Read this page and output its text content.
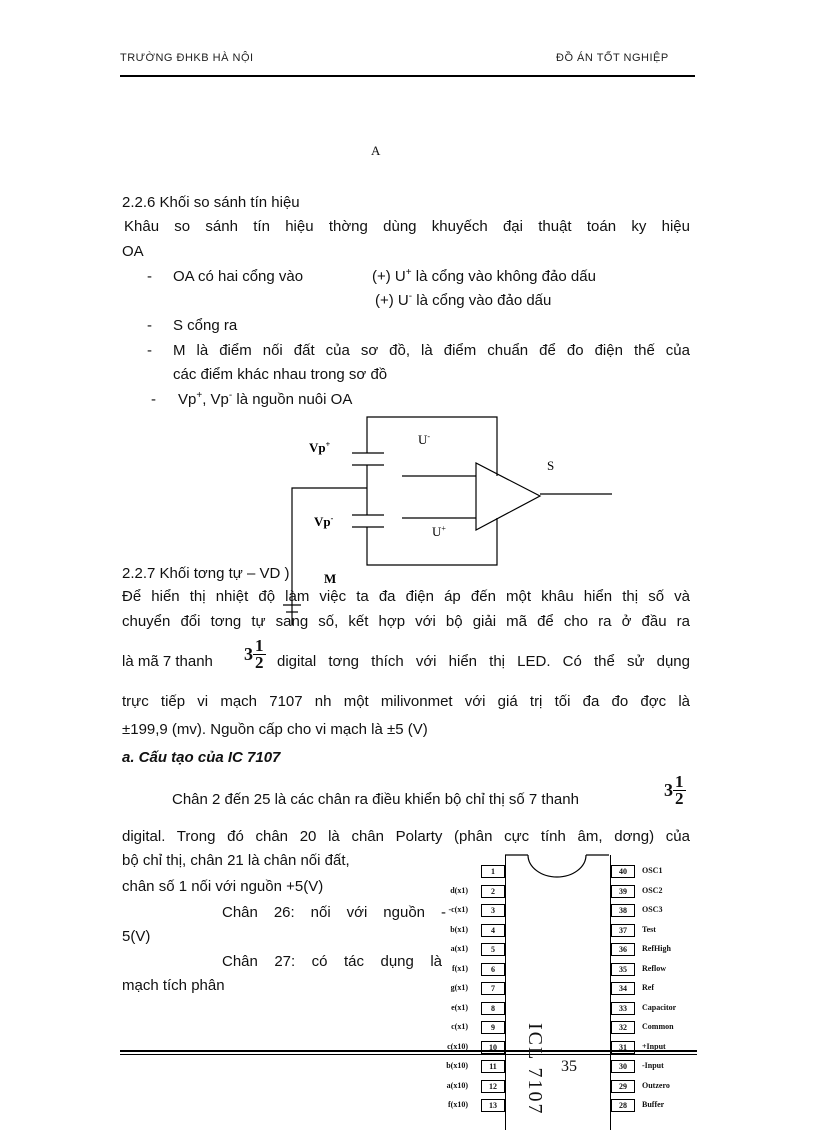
TRƯỜNG ĐHKB HÀ NỘI	ĐỒ ÁN TỐT NGHIỆP
A
2.2.6 Khối so sánh tín hiệu
Khâu so sánh tín hiệu thờng dùng khuyếch đại thuật toán ky hiệu
OA
- OA có hai cổng vào	(+) U+ là cổng vào không đảo dấu
(+) U- là cổng vào đảo dấu
- S cổng ra
- M là điểm nối đất của sơ đồ, là điểm chuẩn để đo điện thế của
các điểm khác nhau trong sơ đồ
- Vp+, Vp- là nguồn nuôi OA
Vp+
Vp-
U-
U+
S
M
2.2.7 Khối tơng tự – VD )
Để hiển thị nhiệt độ làm việc ta đa điện áp đến một khâu hiển thị số và
chuyển đổi tơng tự sang số, kết hợp với bộ giải mã để cho ra ở đầu ra
là mã 7 thanh $3 \frac{1}{2}$ digital tơng thích với hiển thị LED. Có thể sử dụng
trực tiếp vi mạch 7107 nh một milivonmet với giá trị tối đa đo đợc là
±199,9 (mv). Nguồn cấp cho vi mạch là ±5 (V)
a. Cấu tạo của IC 7107
Chân 2 đến 25 là các chân ra điều khiển bộ chỉ thị số 7 thanh	$3 \frac{1}{2}$
digital. Trong đó chân 20 là chân Polarty (phân cực tính âm, dơng) của
bộ chỉ thị, chân 21 là chân nối đất,
chân số 1 nối với nguồn +5(V)
Chân 26: nối với nguồn -
5(V)
Chân 27: có tác dụng là
mạch tích phân
35
ICL 7107
1
d(x1)	2
-c(x1)	3
b(x1)	4
a(x1)	5
f(x1)	6
g(x1)	7
e(x1)	8
c(x1)	9
c(x10)	10
b(x10)	11
a(x10)	12
f(x10)	13
40	OSC1
39	OSC2
38	OSC3
37	Test
36	RefHigh
35	Reflow
34	Ref
33	Capacitor
32	Common
31	+Input
30	-Input
29	Outzero
28	Buffer
